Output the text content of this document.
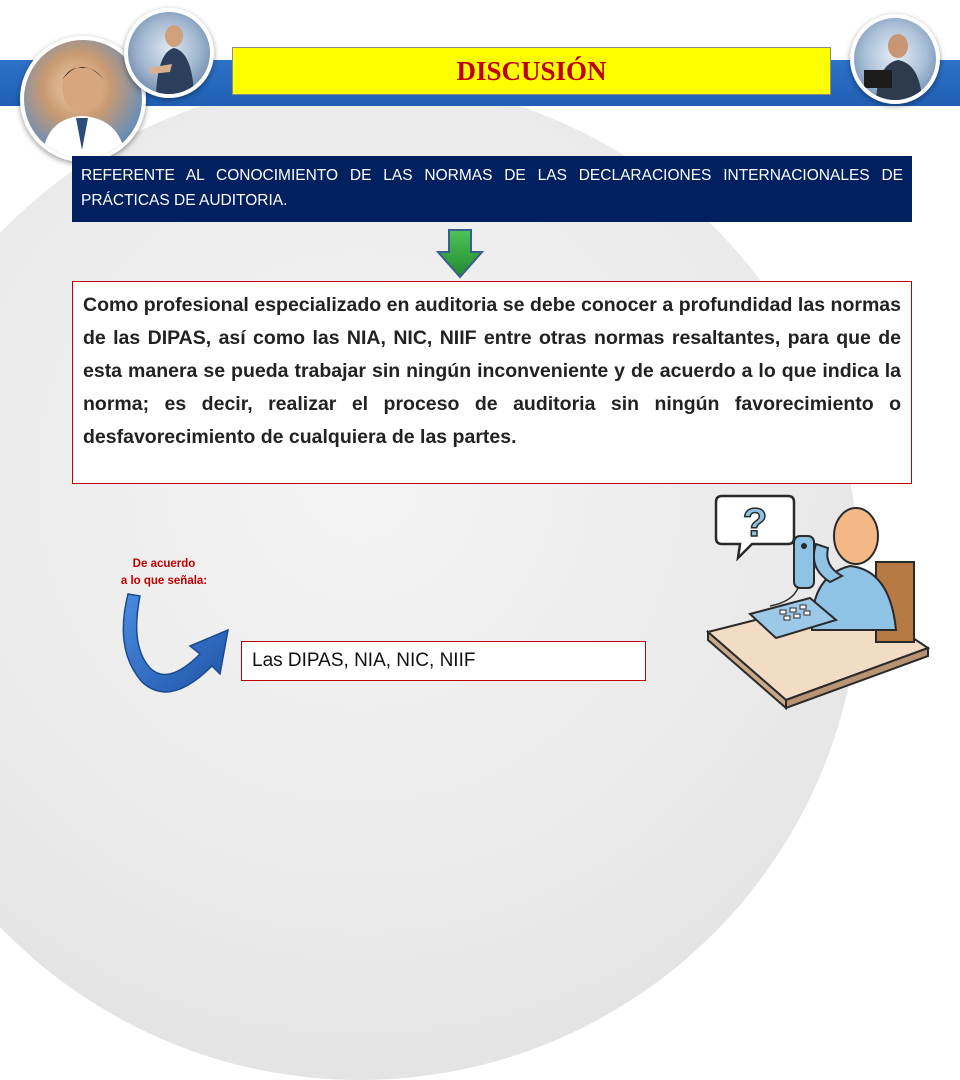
DISCUSIÓN
REFERENTE AL CONOCIMIENTO DE LAS NORMAS DE LAS DECLARACIONES INTERNACIONALES DE PRÁCTICAS DE AUDITORIA.
Como profesional especializado en auditoria se debe conocer a profundidad las normas de las DIPAS, así como las NIA, NIC, NIIF entre otras normas resaltantes, para que de esta manera se pueda trabajar sin ningún inconveniente y de acuerdo a lo que indica la norma; es decir, realizar el proceso de auditoria sin ningún favorecimiento o desfavorecimiento de cualquiera de las partes.
De acuerdo
a lo que señala:
Las DIPAS, NIA, NIC, NIIF
?
